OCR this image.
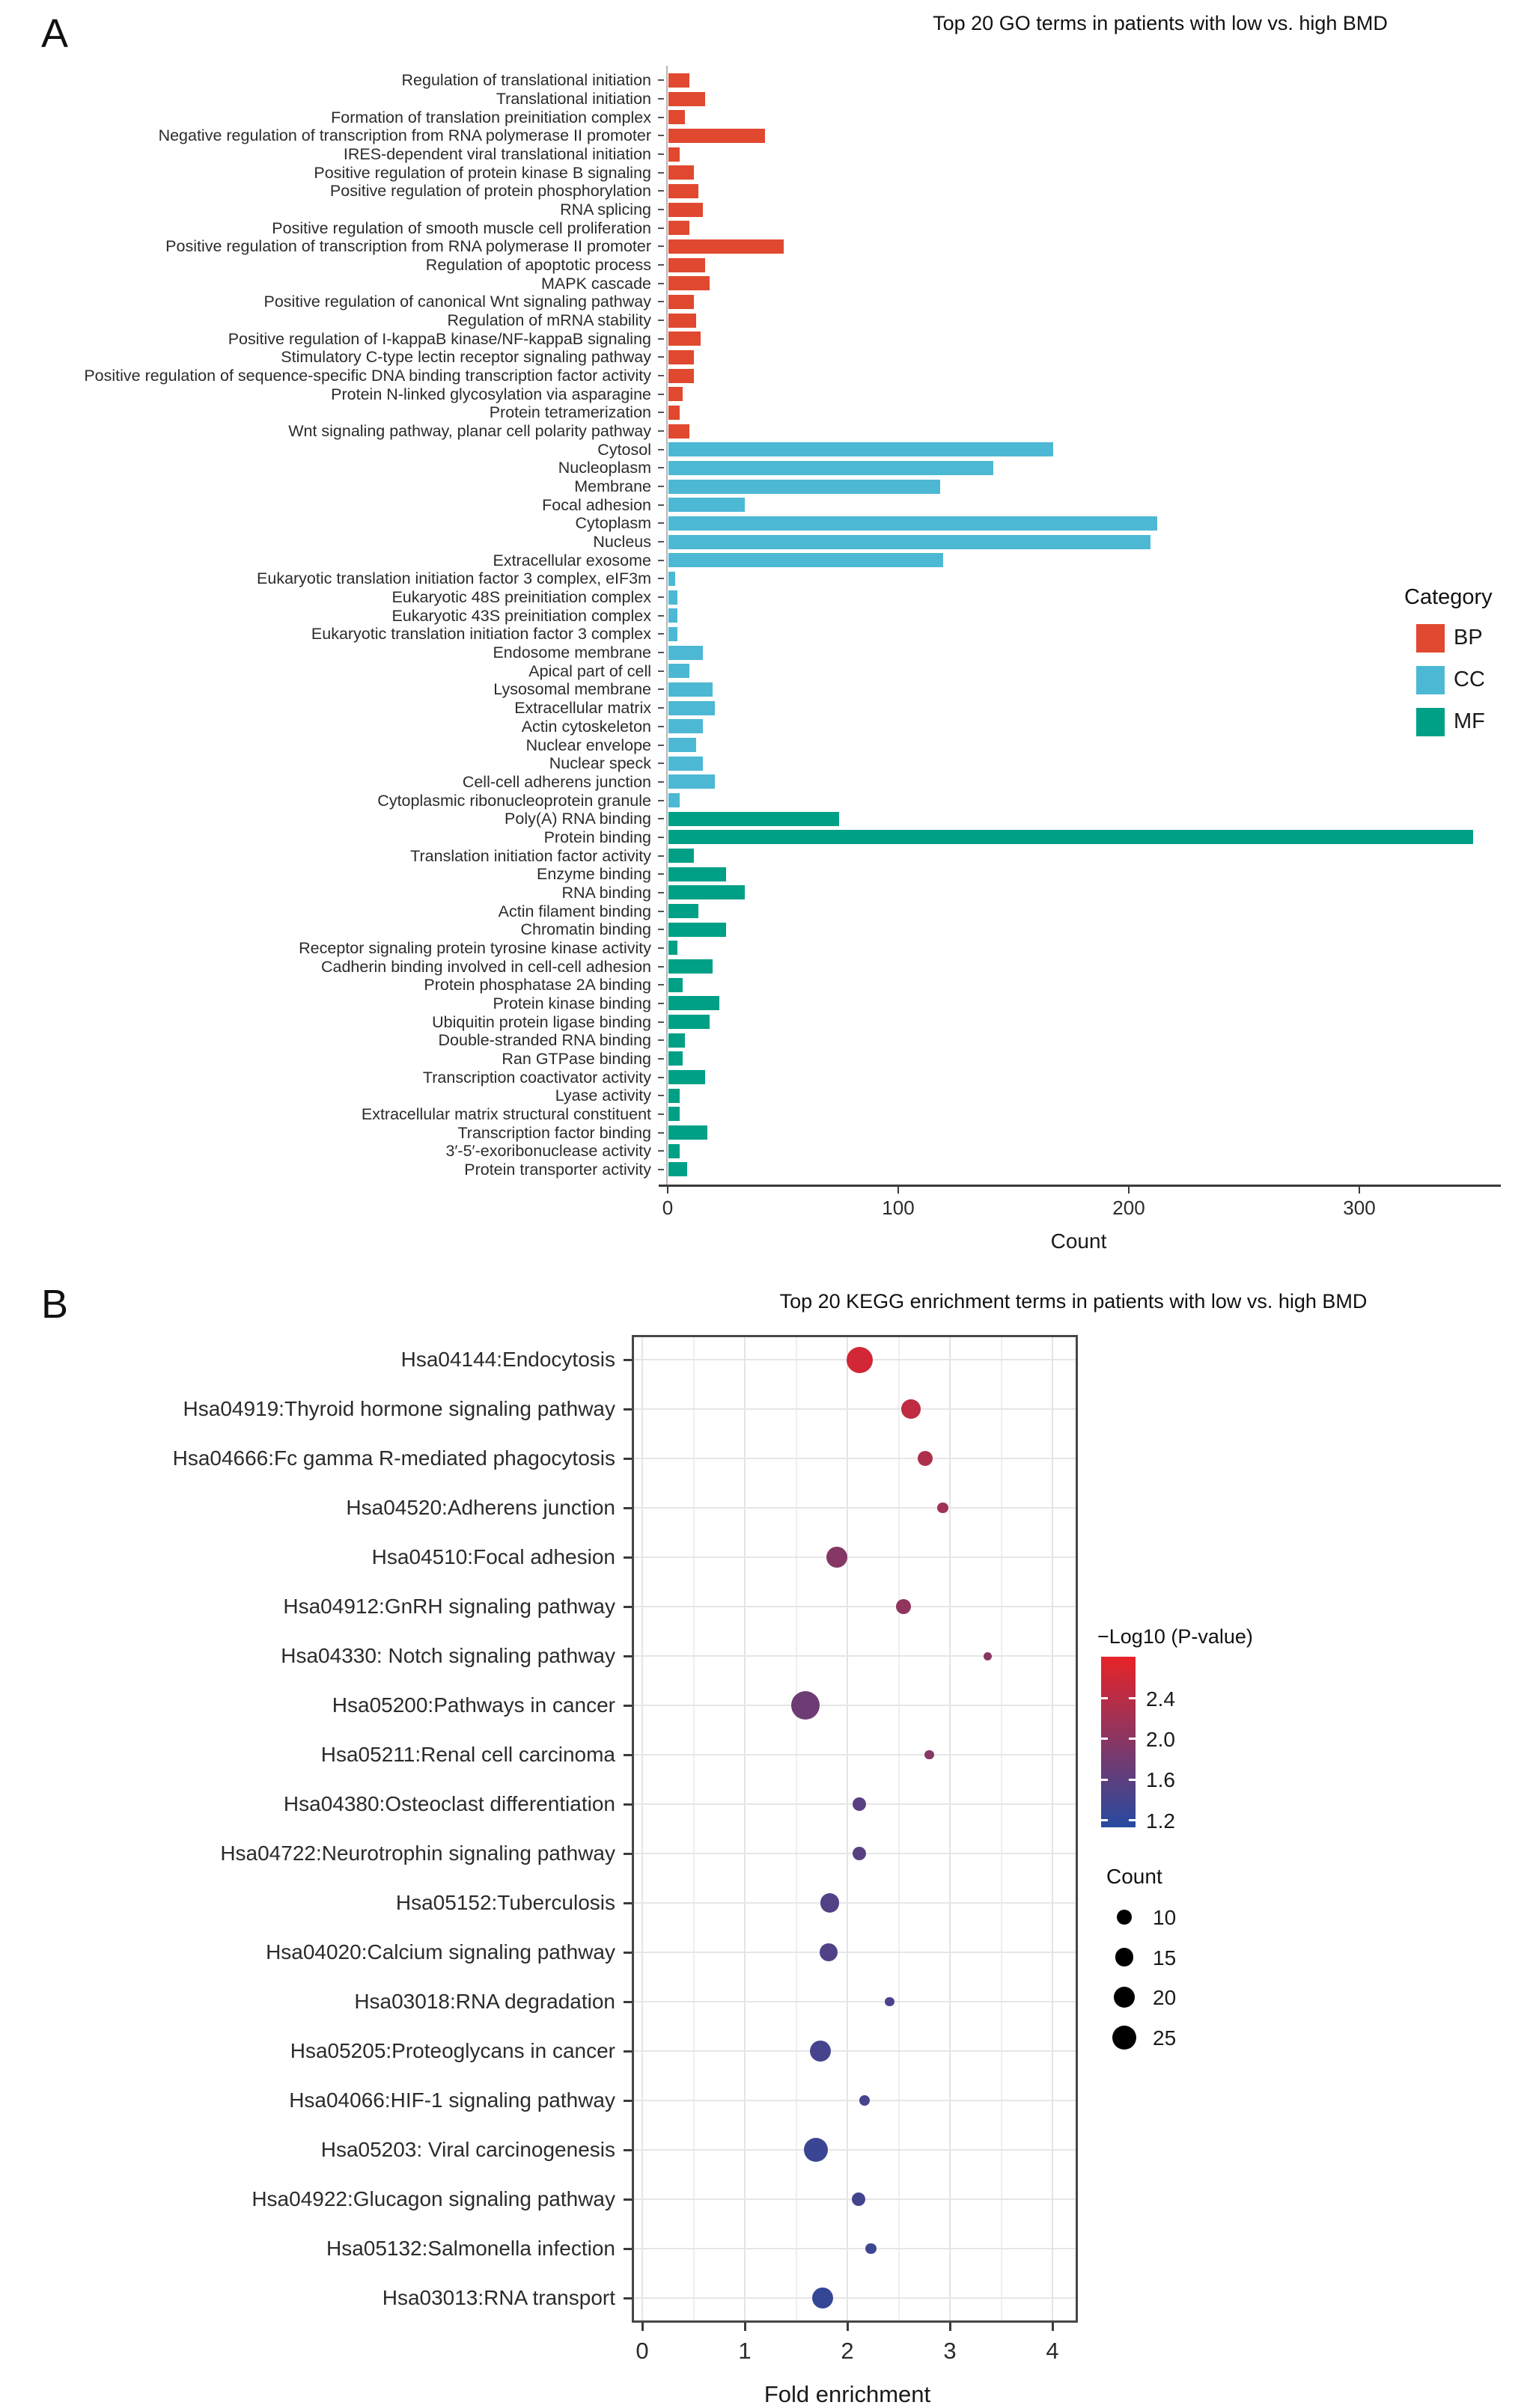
A	Top 20 GO terms in patients with low vs. high BMD
Regulation of translational initiation
Translational initiation
Formation of translation preinitiation complex
Negative regulation of transcription from RNA polymerase II promoter
IRES-dependent viral translational initiation
Positive regulation of protein kinase B signaling
Positive regulation of protein phosphorylation
RNA splicing
Positive regulation of smooth muscle cell proliferation
Positive regulation of transcription from RNA polymerase II promoter
Regulation of apoptotic process
MAPK cascade
Positive regulation of canonical Wnt signaling pathway
Regulation of mRNA stability
Positive regulation of I-kappaB kinase/NF-kappaB signaling
Stimulatory C-type lectin receptor signaling pathway
Positive regulation of sequence-specific DNA binding transcription factor activity
Protein N-linked glycosylation via asparagine
Protein tetramerization
Wnt signaling pathway, planar cell polarity pathway
Cytosol
Nucleoplasm
Membrane
Focal adhesion
Cytoplasm
Nucleus
Extracellular exosome
Eukaryotic translation initiation factor 3 complex, eIF3m
Eukaryotic 48S preinitiation complex
Eukaryotic 43S preinitiation complex
Eukaryotic translation initiation factor 3 complex
Endosome membrane
Apical part of cell
Lysosomal membrane
Extracellular matrix
Actin cytoskeleton
Nuclear envelope
Nuclear speck
Cell-cell adherens junction
Cytoplasmic ribonucleoprotein granule
Poly(A) RNA binding
Protein binding
Translation initiation factor activity
Enzyme binding
RNA binding
Actin filament binding
Chromatin binding
Receptor signaling protein tyrosine kinase activity
Cadherin binding involved in cell-cell adhesion
Protein phosphatase 2A binding
Protein kinase binding
Ubiquitin protein ligase binding
Double-stranded RNA binding
Ran GTPase binding
Transcription coactivator activity
Lyase activity
Extracellular matrix structural constituent
Transcription factor binding
3′-5′-exoribonuclease activity
Protein transporter activity
0	100	200	300
Count
Category
BP
CC
MF
B	Top 20 KEGG enrichment terms in patients with low vs. high BMD
Hsa04144:Endocytosis
Hsa04919:Thyroid hormone signaling pathway
Hsa04666:Fc gamma R-mediated phagocytosis
Hsa04520:Adherens junction
Hsa04510:Focal adhesion
Hsa04912:GnRH signaling pathway
Hsa04330: Notch signaling pathway
Hsa05200:Pathways in cancer
Hsa05211:Renal cell carcinoma
Hsa04380:Osteoclast differentiation
Hsa04722:Neurotrophin signaling pathway
Hsa05152:Tuberculosis
Hsa04020:Calcium signaling pathway
Hsa03018:RNA degradation
Hsa05205:Proteoglycans in cancer
Hsa04066:HIF-1 signaling pathway
Hsa05203: Viral carcinogenesis
Hsa04922:Glucagon signaling pathway
Hsa05132:Salmonella infection
Hsa03013:RNA transport
0	1	2	3	4
Fold enrichment
−Log10 (P-value)
2.4
2.0
1.6
1.2
Count
10
15
20
25
